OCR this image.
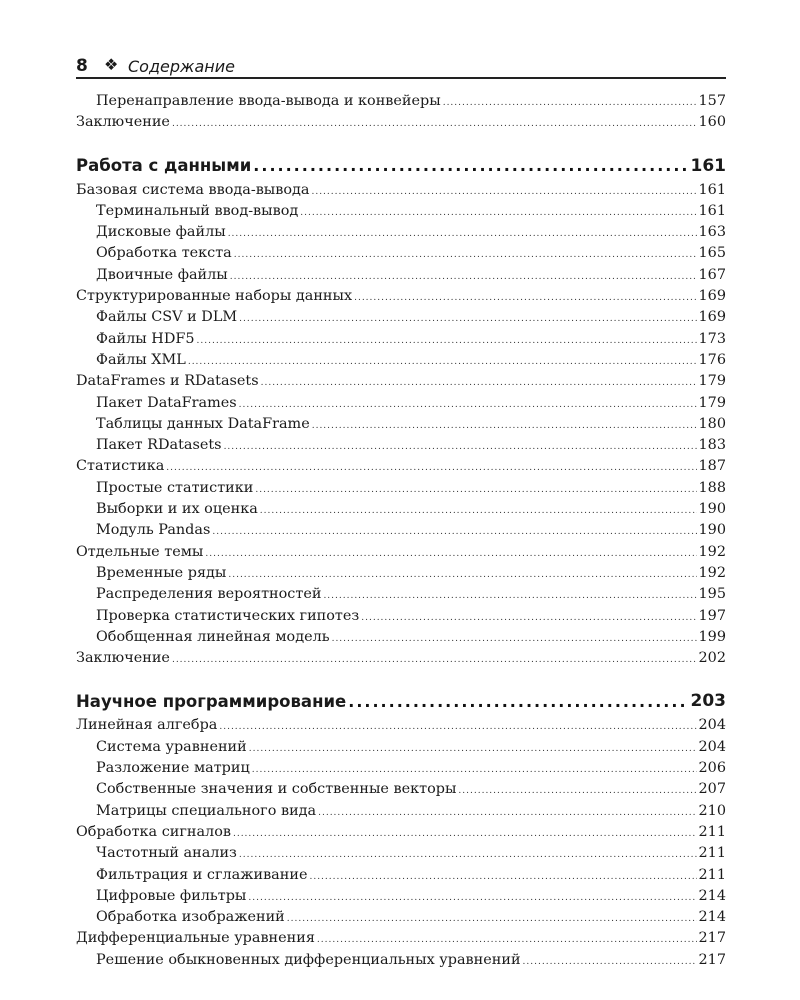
8 ❖ Содержание
Перенаправление ввода-вывода и конвейеры .....	157
Заключение .....	160
Работа с данными .....	161
Базовая система ввода-вывода .....	161
Терминальный ввод-вывод .....	161
Дисковые файлы .....	163
Обработка текста .....	165
Двоичные файлы .....	167
Структурированные наборы данных .....	169
Файлы CSV и DLM .....	169
Файлы HDF5 .....	173
Файлы XML .....	176
DataFrames и RDatasets .....	179
Пакет DataFrames .....	179
Таблицы данных DataFrame .....	180
Пакет RDatasets .....	183
Статистика .....	187
Простые статистики .....	188
Выборки и их оценка .....	190
Модуль Pandas .....	190
Отдельные темы .....	192
Временные ряды .....	192
Распределения вероятностей .....	195
Проверка статистических гипотез .....	197
Обобщенная линейная модель .....	199
Заключение .....	202
Научное программирование .....	203
Линейная алгебра .....	204
Система уравнений .....	204
Разложение матриц .....	206
Собственные значения и собственные векторы .....	207
Матрицы специального вида .....	210
Обработка сигналов .....	211
Частотный анализ .....	211
Фильтрация и сглаживание .....	211
Цифровые фильтры .....	214
Обработка изображений .....	214
Дифференциальные уравнения .....	217
Решение обыкновенных дифференциальных уравнений .....	217
